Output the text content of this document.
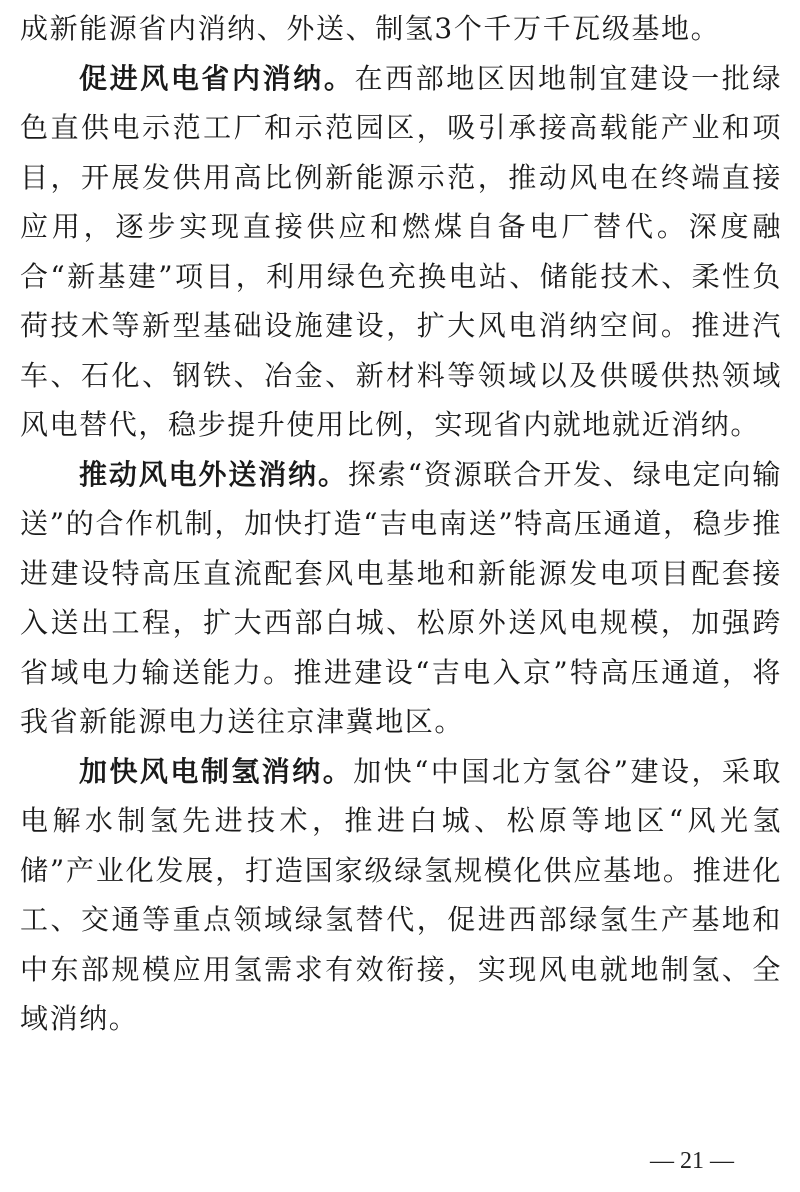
成新能源省内消纳、外送、制氢3个千万千瓦级基地。

促进风电省内消纳。在西部地区因地制宜建设一批绿色直供电示范工厂和示范园区，吸引承接高载能产业和项目，开展发供用高比例新能源示范，推动风电在终端直接应用，逐步实现直接供应和燃煤自备电厂替代。深度融合“新基建”项目，利用绿色充换电站、储能技术、柔性负荷技术等新型基础设施建设，扩大风电消纳空间。推进汽车、石化、钢铁、冶金、新材料等领域以及供暖供热领域风电替代，稳步提升使用比例，实现省内就地就近消纳。

推动风电外送消纳。探索“资源联合开发、绿电定向输送”的合作机制，加快打造“吉电南送”特高压通道，稳步推进建设特高压直流配套风电基地和新能源发电项目配套接入送出工程，扩大西部白城、松原外送风电规模，加强跨省域电力输送能力。推进建设“吉电入京”特高压通道，将我省新能源电力送往京津冀地区。

加快风电制氢消纳。加快“中国北方氢谷”建设，采取电解水制氢先进技术，推进白城、松原等地区“风光氢储”产业化发展，打造国家级绿氢规模化供应基地。推进化工、交通等重点领域绿氢替代，促进西部绿氢生产基地和中东部规模应用氢需求有效衔接，实现风电就地制氢、全域消纳。

— 21 —
